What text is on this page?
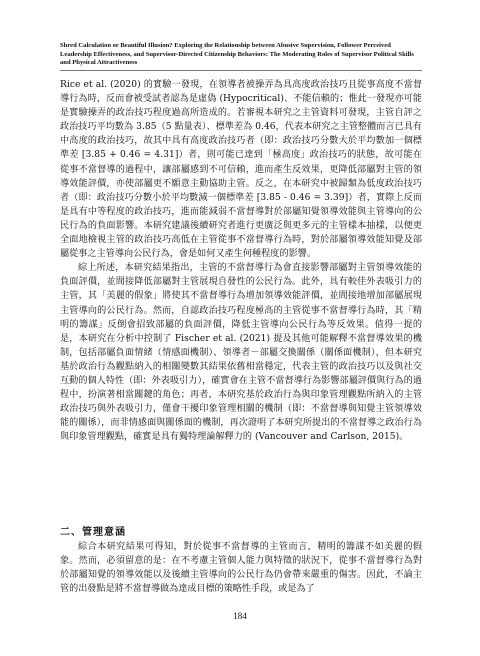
Shred Calculation or Beautiful Illusion? Exploring the Relationship between Abusive Supervision, Follower Perceived Leadership Effectiveness, and Supervisor-Directed Citizenship Behaviors: The Moderating Roles of Supervisor Political Skills and Physical Attractiveness

Rice et al. (2020) 的實驗一發現，在領導者被操弄為具高度政治技巧且從事高度不當督導行為時，反而會被受試者認為是虛偽 (Hypocritical)、不能信賴的；惟此一發現亦可能是實驗操弄的政治技巧程度過高所造成的。若審視本研究之主管資料可發現，主管自評之政治技巧平均數為 3.85（5 點量表）、標準差為 0.46，代表本研究之主管整體而言已具有中高度的政治技巧，故其中具有高度政治技巧者（即：政治技巧分數大於平均數加一個標準差 [3.85 + 0.46 = 4.31]）者，則可能已達到「極高度」政治技巧的狀態，故可能在從事不當督導的過程中，讓部屬感到不可信賴，進而產生反效果，更降低部屬對主管的領導效能評價，亦使部屬更不願意主動協助主管。反之，在本研究中被歸類為低度政治技巧者（即：政治技巧分數小於平均數減一個標準差 [3.85 - 0.46 = 3.39]）者，實際上反而是具有中等程度的政治技巧，進而能減弱不當督導對於部屬知覺領導效能與主管導向的公民行為的負面影響。本研究建議後續研究者進行更廣泛與更多元的主管樣本抽樣，以便更全面地檢視主管的政治技巧高低在主管從事不當督導行為時，對於部屬領導效能知覺及部屬從事之主管導向公民行為，會是如何又產生何種程度的影響。

綜上所述，本研究結果指出，主管的不當督導行為會直接影響部屬對主管領導效能的負面評價，並間接降低部屬對主管展現自發性的公民行為。此外，具有較佳外表吸引力的主管，其「美麗的假象」將使其不當督導行為增加領導效能評價，並間接地增加部屬展現主管導向的公民行為。然而，自認政治技巧程度極高的主管從事不當督導行為時，其「精明的籌謀」反倒會招致部屬的負面評價，降低主管導向公民行為等反效果。值得一提的是，本研究在分析中控制了 Fischer et al. (2021) 提及其他可能解釋不當督導效果的機制，包括部屬負面情緒（情感面機制）、領導者－部屬交換關係（關係面機制），但本研究基於政治行為觀點納入的相關變數其結果依舊相當穩定，代表主管的政治技巧以及與社交互動的個人特性（即：外表吸引力），確實會在主管不當督導行為影響部屬評價與行為的過程中，扮演著相當關鍵的角色；再者，本研究基於政治行為與印象管理觀點所納入的主管政治技巧與外表吸引力，僅會干擾印象管理相關的機制（即：不當督導與知覺主管領導效能的關係），而非情感面與關係面的機制，再次證明了本研究所提出的不當督導之政治行為與印象管理觀點，確實是具有獨特理論解釋力的 (Vancouver and Carlson, 2015)。

二、管理意涵

綜合本研究結果可得知，對於從事不當督導的主管而言，精明的籌謀不如美麗的假象。然而，必須留意的是：在不考慮主管個人能力與特徵的狀況下，從事不當督導行為對於部屬知覺的領導效能以及後續主管導向的公民行為仍會帶來嚴重的傷害。因此，不論主管的出發點是將不當督導做為達成目標的策略性手段，或是為了

184
